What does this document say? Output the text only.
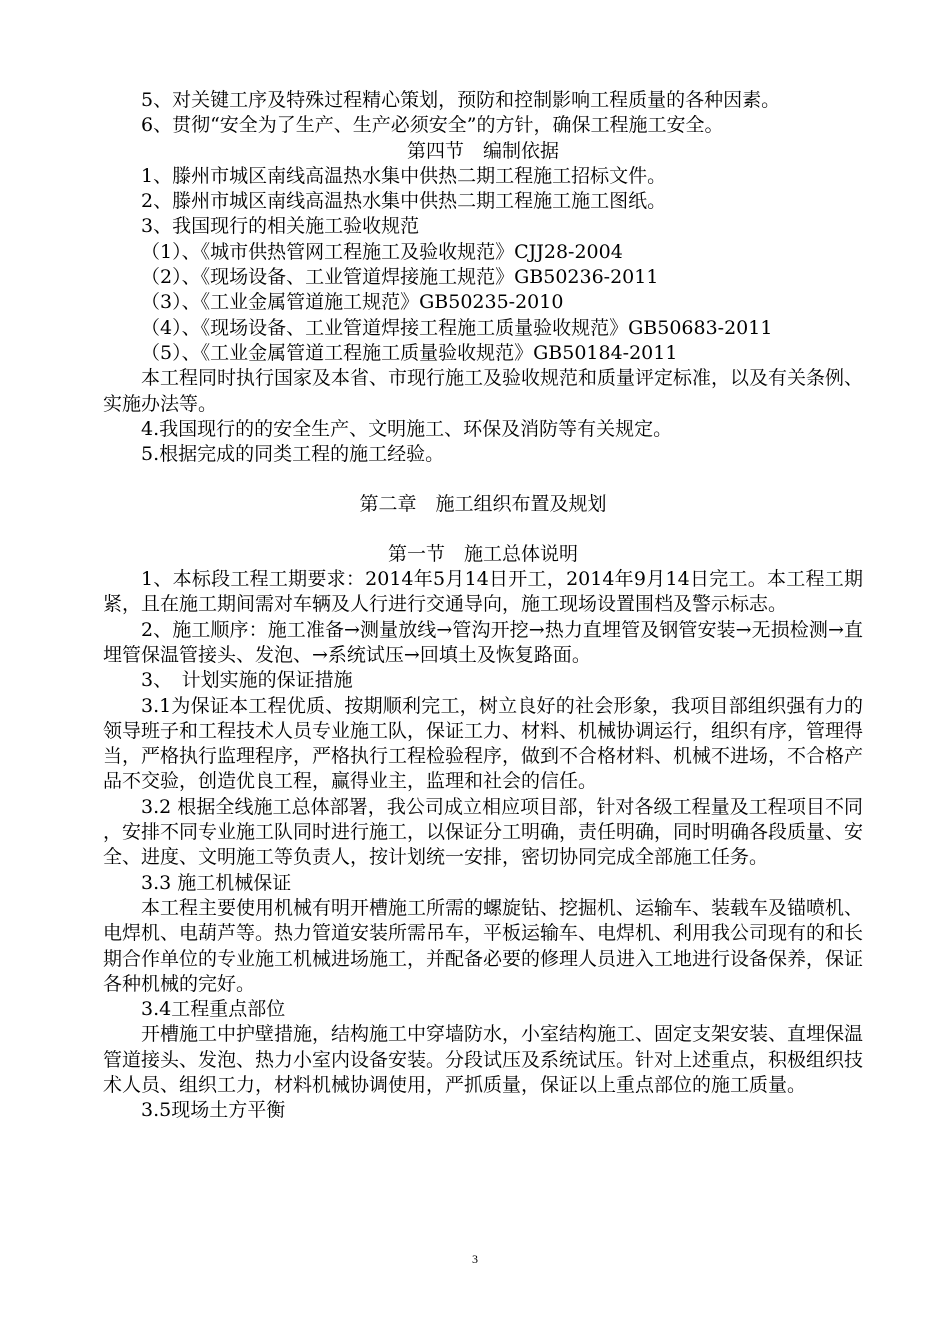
5、对关键工序及特殊过程精心策划，预防和控制影响工程质量的各种因素。

6、贯彻“安全为了生产、生产必须安全”的方针，确保工程施工安全。

第四节　编制依据

1、滕州市城区南线高温热水集中供热二期工程施工招标文件。

2、滕州市城区南线高温热水集中供热二期工程施工施工图纸。

3、我国现行的相关施工验收规范

（1）、《城市供热管网工程施工及验收规范》CJJ28-2004

（2）、《现场设备、工业管道焊接施工规范》GB50236-2011

（3）、《工业金属管道施工规范》GB50235-2010

（4）、《现场设备、工业管道焊接工程施工质量验收规范》GB50683-2011

（5）、《工业金属管道工程施工质量验收规范》GB50184-2011

本工程同时执行国家及本省、市现行施工及验收规范和质量评定标准，以及有关条例、实施办法等。

4.我国现行的的安全生产、文明施工、环保及消防等有关规定。

5.根据完成的同类工程的施工经验。

第二章　施工组织布置及规划

第一节　施工总体说明

1、本标段工程工期要求：2014年5月14日开工，2014年9月14日完工。本工程工期紧，且在施工期间需对车辆及人行进行交通导向，施工现场设置围档及警示标志。

2、施工顺序：施工准备→测量放线→管沟开挖→热力直埋管及钢管安装→无损检测→直埋管保温管接头、发泡、→系统试压→回填土及恢复路面。

3、　计划实施的保证措施

3.1为保证本工程优质、按期顺利完工，树立良好的社会形象，我项目部组织强有力的领导班子和工程技术人员专业施工队，保证工力、材料、机械协调运行，组织有序，管理得当，严格执行监理程序，严格执行工程检验程序，做到不合格材料、机械不进场，不合格产品不交验，创造优良工程，赢得业主，监理和社会的信任。

3.2 根据全线施工总体部署，我公司成立相应项目部，针对各级工程量及工程项目不同 ，安排不同专业施工队同时进行施工，以保证分工明确，责任明确，同时明确各段质量、安全、进度、文明施工等负责人，按计划统一安排，密切协同完成全部施工任务。

3.3 施工机械保证

本工程主要使用机械有明开槽施工所需的螺旋钻、挖掘机、运输车、装载车及锚喷机、电焊机、电葫芦等。热力管道安装所需吊车，平板运输车、电焊机、利用我公司现有的和长期合作单位的专业施工机械进场施工，并配备必要的修理人员进入工地进行设备保养，保证各种机械的完好。

3.4工程重点部位

开槽施工中护壁措施，结构施工中穿墙防水，小室结构施工、固定支架安装、直埋保温管道接头、发泡、热力小室内设备安装。分段试压及系统试压。针对上述重点，积极组织技术人员、组织工力，材料机械协调使用，严抓质量，保证以上重点部位的施工质量。

3.5现场土方平衡

3
